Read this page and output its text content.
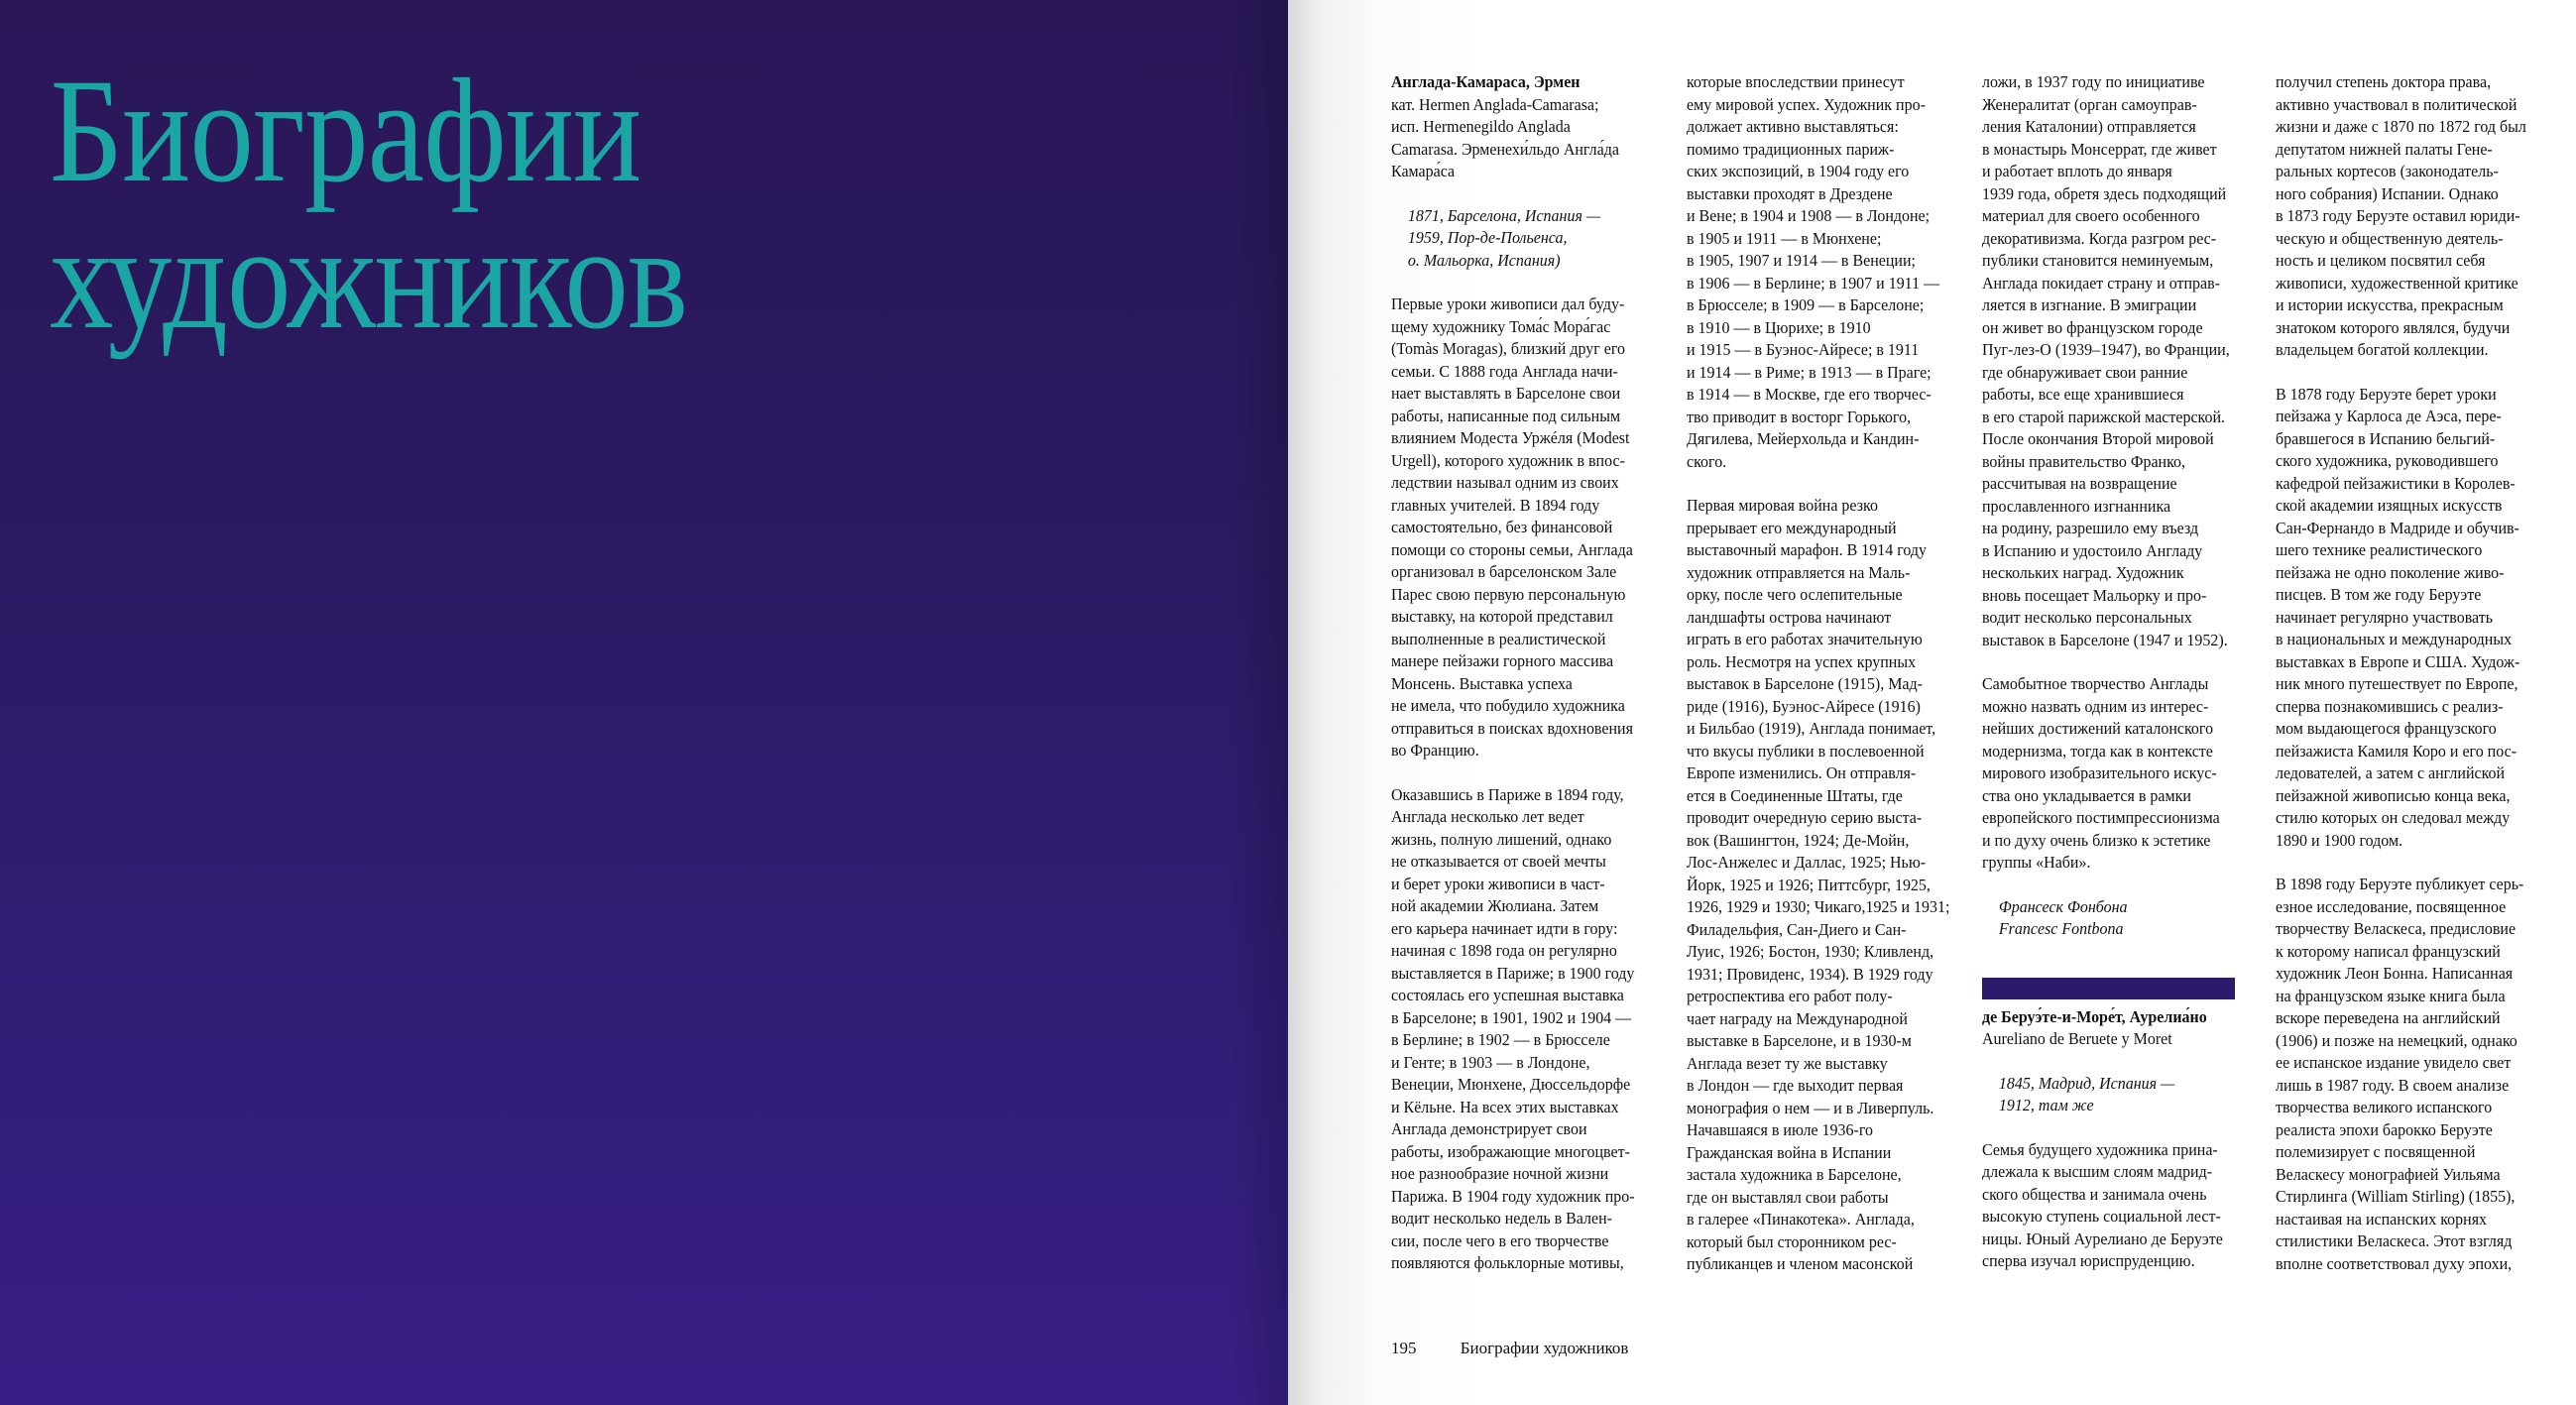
Биографии
художников
Англада-Камараса, Эрмен
кат. Hermen Anglada-Camarasa;
исп. Hermenegildo Anglada
Camarasa. Эрменехи́льдо Англа́да
Камара́са
1871, Барселона, Испания —
1959, Пор-де-Польенса,
о. Мальорка, Испания)
Первые уроки живописи дал буду-
щему художнику Тома́с Мора́гас
(Tomàs Moragas), близкий друг его
семьи. С 1888 года Англада начи-
нает выставлять в Барселоне свои
работы, написанные под сильным
влиянием Модеста Уржéля (Modest
Urgell), которого художник в впос-
ледствии называл одним из своих
главных учителей. В 1894 году
самостоятельно, без финансовой
помощи со стороны семьи, Англада
организовал в барселонском Зале
Парес свою первую персональную
выставку, на которой представил
выполненные в реалистической
манере пейзажи горного массива
Монсень. Выставка успеха
не имела, что побудило художника
отправиться в поисках вдохновения
во Францию.
Оказавшись в Париже в 1894 году,
Англада несколько лет ведет
жизнь, полную лишений, однако
не отказывается от своей мечты
и берет уроки живописи в част-
ной академии Жюлиана. Затем
его карьера начинает идти в гору:
начиная с 1898 года он регулярно
выставляется в Париже; в 1900 году
состоялась его успешная выставка
в Барселоне; в 1901, 1902 и 1904 —
в Берлине; в 1902 — в Брюсселе
и Генте; в 1903 — в Лондоне,
Венеции, Мюнхене, Дюссельдорфе
и Кёльне. На всех этих выставках
Англада демонстрирует свои
работы, изображающие многоцвет-
ное разнообразие ночной жизни
Парижа. В 1904 году художник про-
водит несколько недель в Вален-
сии, после чего в его творчестве
появляются фольклорные мотивы,
которые впоследствии принесут
ему мировой успех. Художник про-
должает активно выставляться:
помимо традиционных париж-
ских экспозиций, в 1904 году его
выставки проходят в Дрездене
и Вене; в 1904 и 1908 — в Лондоне;
в 1905 и 1911 — в Мюнхене;
в 1905, 1907 и 1914 — в Венеции;
в 1906 — в Берлине; в 1907 и 1911 —
в Брюсселе; в 1909 — в Барселоне;
в 1910 — в Цюрихе; в 1910
и 1915 — в Буэнос-Айресе; в 1911
и 1914 — в Риме; в 1913 — в Праге;
в 1914 — в Москве, где его творчес-
тво приводит в восторг Горького,
Дягилева, Мейерхольда и Кандин-
ского.
Первая мировая война резко
прерывает его международный
выставочный марафон. В 1914 году
художник отправляется на Маль-
орку, после чего ослепительные
ландшафты острова начинают
играть в его работах значительную
роль. Несмотря на успех крупных
выставок в Барселоне (1915), Мад-
риде (1916), Буэнос-Айресе (1916)
и Бильбао (1919), Англада понимает,
что вкусы публики в послевоенной
Европе изменились. Он отправля-
ется в Соединенные Штаты, где
проводит очередную серию выста-
вок (Вашингтон, 1924; Де-Мойн,
Лос-Анжелес и Даллас, 1925; Нью-
Йорк, 1925 и 1926; Питтсбург, 1925,
1926, 1929 и 1930; Чикаго,1925 и 1931;
Филадельфия, Сан-Диего и Сан-
Луис, 1926; Бостон, 1930; Кливленд,
1931; Провиденс, 1934). В 1929 году
ретроспектива его работ полу-
чает награду на Международной
выставке в Барселоне, и в 1930-м
Англада везет ту же выставку
в Лондон — где выходит первая
монография о нем — и в Ливерпуль.
Начавшаяся в июле 1936-го
Гражданская война в Испании
застала художника в Барселоне,
где он выставлял свои работы
в галерее «Пинакотека». Англада,
который был сторонником рес-
публиканцев и членом масонской
ложи, в 1937 году по инициативе
Женералитат (орган самоуправ-
ления Каталонии) отправляется
в монастырь Монсеррат, где живет
и работает вплоть до января
1939 года, обретя здесь подходящий
материал для своего особенного
декоративизма. Когда разгром рес-
публики становится неминуемым,
Англада покидает страну и отправ-
ляется в изгнание. В эмиграции
он живет во французском городе
Пуг-лез-О (1939–1947), во Франции,
где обнаруживает свои ранние
работы, все еще хранившиеся
в его старой парижской мастерской.
После окончания Второй мировой
войны правительство Франко,
рассчитывая на возвращение
прославленного изгнанника
на родину, разрешило ему въезд
в Испанию и удостоило Англаду
нескольких наград. Художник
вновь посещает Мальорку и про-
водит несколько персональных
выставок в Барселоне (1947 и 1952).
Самобытное творчество Англады
можно назвать одним из интерес-
нейших достижений каталонского
модернизма, тогда как в контексте
мирового изобразительного искус-
ства оно укладывается в рамки
европейского постимпрессионизма
и по духу очень близко к эстетике
группы «Наби».
Франсеск Фонбона
Francesc Fontbona
де Беруэ́те-и-Море́т, Аурелиа́но
Aureliano de Beruete y Moret
1845, Мадрид, Испания —
1912, там же
Семья будущего художника прина-
длежала к высшим слоям мадрид-
ского общества и занимала очень
высокую ступень социальной лест-
ницы. Юный Аурелиано де Беруэте
сперва изучал юриспруденцию.
получил степень доктора права,
активно участвовал в политической
жизни и даже с 1870 по 1872 год был
депутатом нижней палаты Гене-
ральных кортесов (законодатель-
ного собрания) Испании. Однако
в 1873 году Беруэте оставил юриди-
ческую и общественную деятель-
ность и целиком посвятил себя
живописи, художественной критике
и истории искусства, прекрасным
знатоком которого являлся, будучи
владельцем богатой коллекции.
В 1878 году Беруэте берет уроки
пейзажа у Карлоса де Аэса, пере-
бравшегося в Испанию бельгий-
ского художника, руководившего
кафедрой пейзажистики в Королев-
ской академии изящных искусств
Сан-Фернандо в Мадриде и обучив-
шего технике реалистического
пейзажа не одно поколение живо-
писцев. В том же году Беруэте
начинает регулярно участвовать
в национальных и международных
выставках в Европе и США. Худож-
ник много путешествует по Европе,
сперва познакомившись с реализ-
мом выдающегося французского
пейзажиста Камиля Коро и его пос-
ледователей, а затем с английской
пейзажной живописью конца века,
стилю которых он следовал между
1890 и 1900 годом.
В 1898 году Беруэте публикует серь-
езное исследование, посвященное
творчеству Веласкеса, предисловие
к которому написал французский
художник Леон Бонна. Написанная
на французском языке книга была
вскоре переведена на английский
(1906) и позже на немецкий, однако
ее испанское издание увидело свет
лишь в 1987 году. В своем анализе
творчества великого испанского
реалиста эпохи барокко Беруэте
полемизирует с посвященной
Веласкесу монографией Уильяма
Стирлинга (William Stirling) (1855),
настаивая на испанских корнях
стилистики Веласкеса. Этот взгляд
вполне соответствовал духу эпохи,
195	Биографии художников
